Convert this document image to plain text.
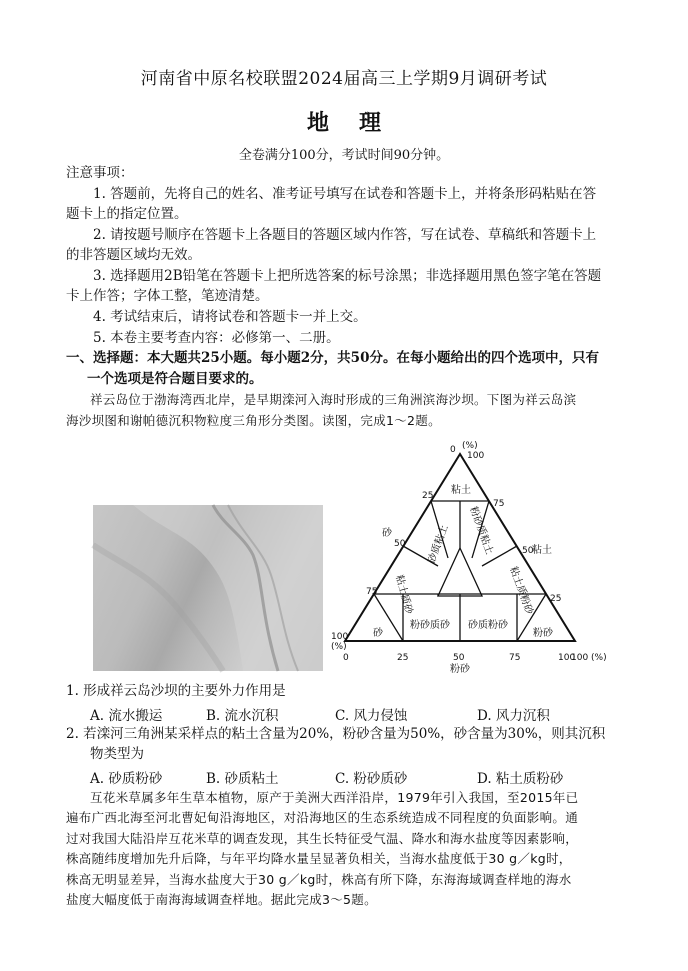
河南省中原名校联盟2024届高三上学期9月调研考试
地理
全卷满分100分，考试时间90分钟。
注意事项：
1. 答题前，先将自己的姓名、准考证号填写在试卷和答题卡上，并将条形码粘贴在答
题卡上的指定位置。
2. 请按题号顺序在答题卡上各题目的答题区域内作答，写在试卷、草稿纸和答题卡上
的非答题区域均无效。
3. 选择题用2B铅笔在答题卡上把所选答案的标号涂黑；非选择题用黑色签字笔在答题
卡上作答；字体工整，笔迹清楚。
4. 考试结束后，请将试卷和答题卡一并上交。
5. 本卷主要考查内容：必修第一、二册。
一、选择题：本大题共25小题。每小题2分，共50分。在每小题给出的四个选项中，只有
一个选项是符合题目要求的。
祥云岛位于渤海湾西北岸，是早期滦河入海时形成的三角洲滨海沙坝。下图为祥云岛滨
海沙坝图和谢帕德沉积物粒度三角形分类图。读图，完成1～2题。
0 (%)
100
25
50
75
75
50
25
100
(%)
0	25	50	75	100
100 (%)
砂
粘土
粉砂
粘土
砂质粘土 粉砂质粘土
粘土质砂	粘土质粉砂
砂
粉砂质砂 砂质粉砂
粉砂
1. 形成祥云岛沙坝的主要外力作用是
A. 流水搬运	B. 流水沉积	C. 风力侵蚀	D. 风力沉积
2. 若滦河三角洲某采样点的粘土含量为20%，粉砂含量为50%，砂含量为30%，则其沉积
物类型为
A. 砂质粉砂	B. 砂质粘土	C. 粉砂质砂	D. 粘土质粉砂
互花米草属多年生草本植物，原产于美洲大西洋沿岸，1979年引入我国，至2015年已
遍布广西北海至河北曹妃甸沿海地区，对沿海地区的生态系统造成不同程度的负面影响。通
过对我国大陆沿岸互花米草的调查发现，其生长特征受气温、降水和海水盐度等因素影响，
株高随纬度增加先升后降，与年平均降水量呈显著负相关，当海水盐度低于30 g／kg时，
株高无明显差异，当海水盐度大于30 g／kg时，株高有所下降，东海海域调查样地的海水
盐度大幅度低于南海海域调查样地。据此完成3～5题。
